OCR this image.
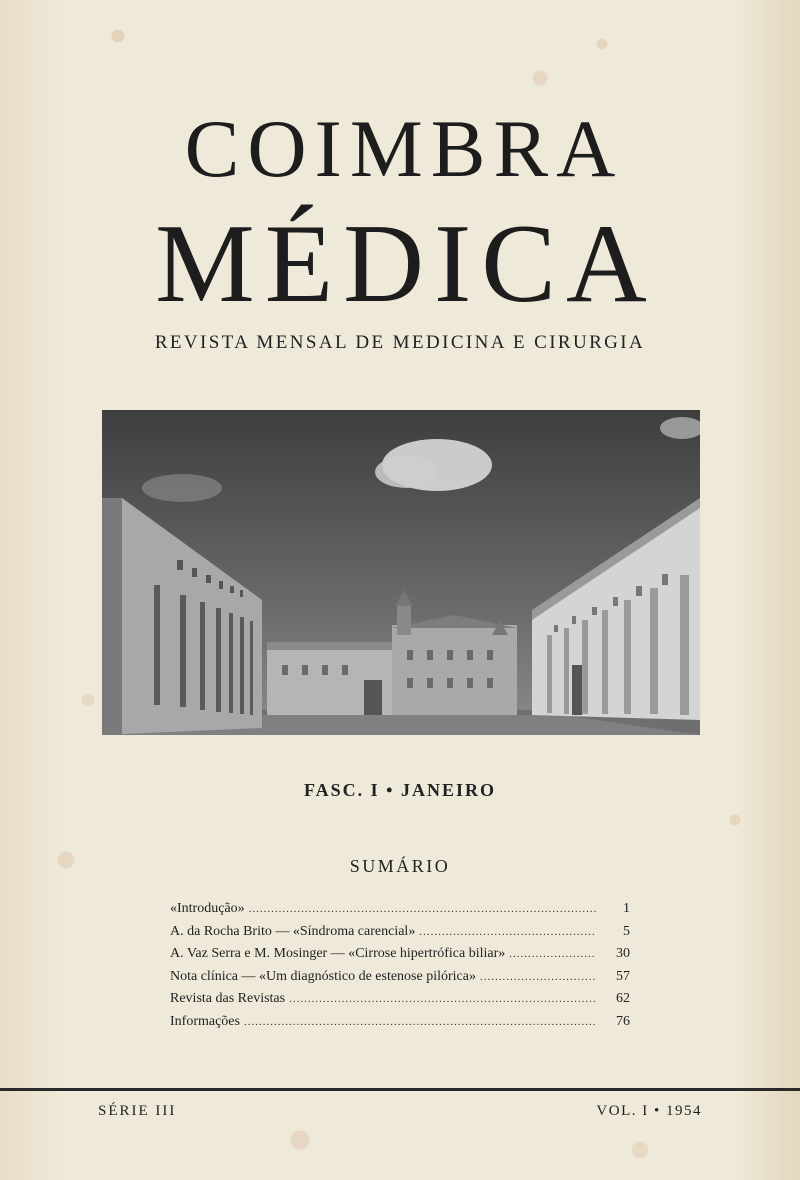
COIMBRA
MÉDICA
REVISTA MENSAL DE MEDICINA E CIRURGIA
FASC. I • JANEIRO
SUMÁRIO
«Introdução» .....	1
A. da Rocha Brito — «Síndroma carencial» .....	5
A. Vaz Serra e M. Mosinger — «Cirrose hipertrófica biliar» .....	30
Nota clínica — «Um diagnóstico de estenose pilórica» .....	57
Revista das Revistas .....	62
Informações .....	76
SÉRIE III	VOL. I • 1954
